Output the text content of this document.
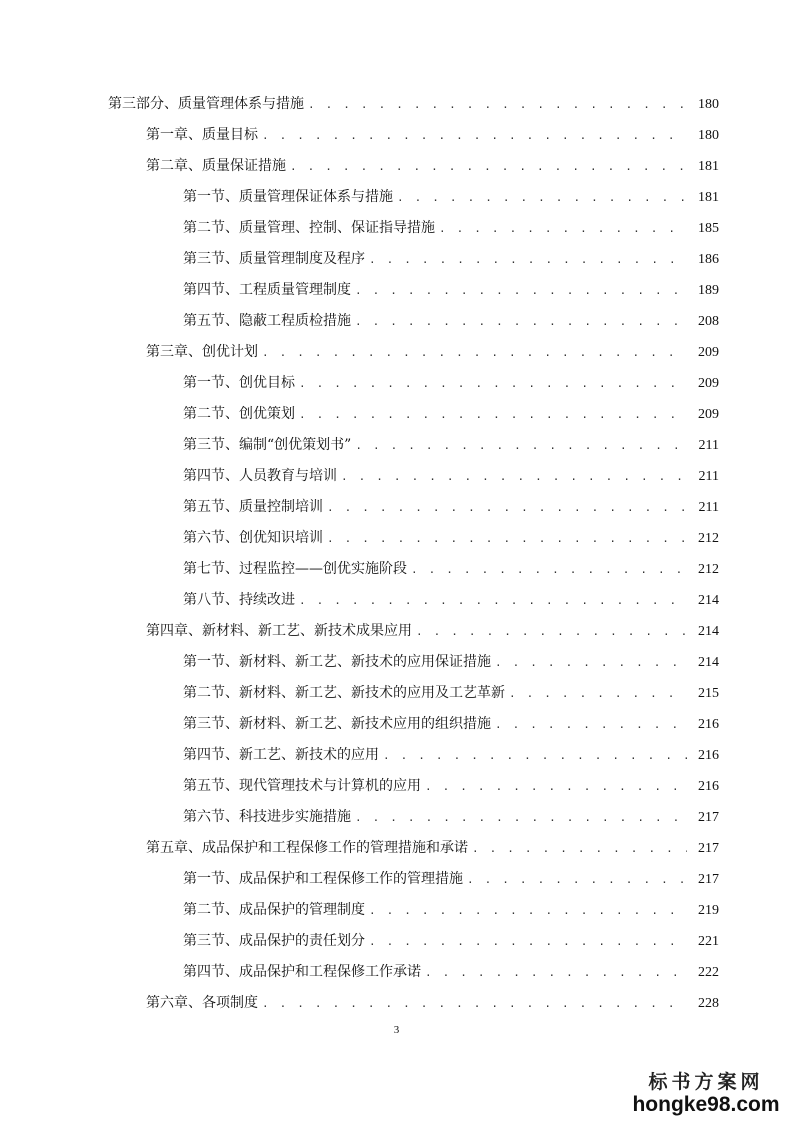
第三部分、质量管理体系与措施 . . .	180
第一章、质量目标 . . .	180
第二章、质量保证措施 . . .	181
第一节、质量管理保证体系与措施 . . .	181
第二节、质量管理、控制、保证指导措施 . . .	185
第三节、质量管理制度及程序 . . .	186
第四节、工程质量管理制度 . . .	189
第五节、隐蔽工程质检措施 . . .	208
第三章、创优计划 . . .	209
第一节、创优目标 . . .	209
第二节、创优策划 . . .	209
第三节、编制“创优策划书” . . .	211
第四节、人员教育与培训 . . .	211
第五节、质量控制培训 . . .	211
第六节、创优知识培训 . . .	212
第七节、过程监控——创优实施阶段 . . .	212
第八节、持续改进 . . .	214
第四章、新材料、新工艺、新技术成果应用 . . .	214
第一节、新材料、新工艺、新技术的应用保证措施 . . .	214
第二节、新材料、新工艺、新技术的应用及工艺革新 . . .	215
第三节、新材料、新工艺、新技术应用的组织措施 . . .	216
第四节、新工艺、新技术的应用 . . .	216
第五节、现代管理技术与计算机的应用 . . .	216
第六节、科技进步实施措施 . . .	217
第五章、成品保护和工程保修工作的管理措施和承诺 . . .	217
第一节、成品保护和工程保修工作的管理措施 . . .	217
第二节、成品保护的管理制度 . . .	219
第三节、成品保护的责任划分 . . .	221
第四节、成品保护和工程保修工作承诺 . . .	222
第六章、各项制度 . . .	228
3
标书方案网
hongke98.com
